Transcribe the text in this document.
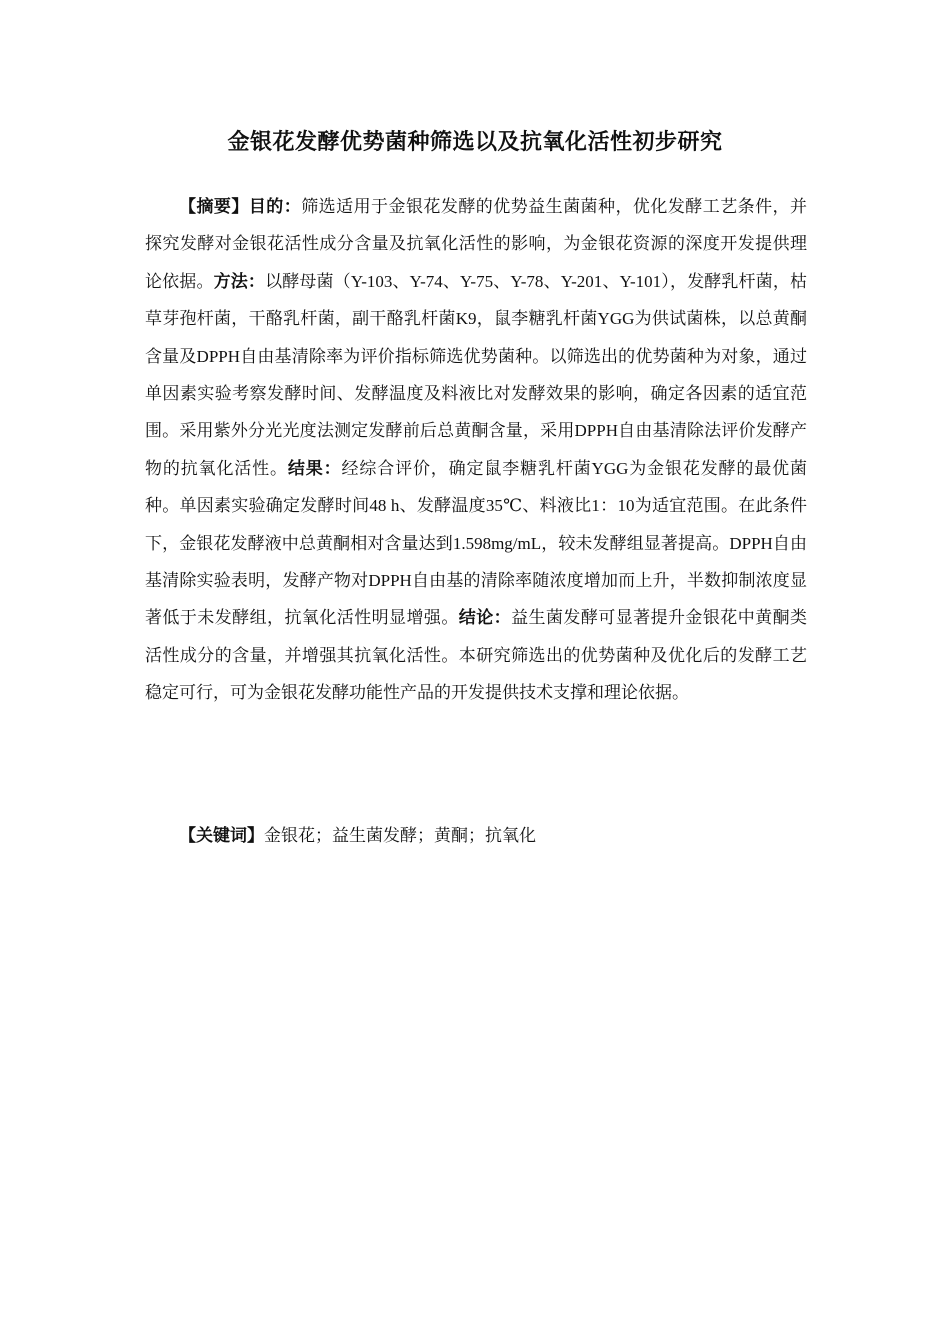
金银花发酵优势菌种筛选以及抗氧化活性初步研究

【摘要】目的：筛选适用于金银花发酵的优势益生菌菌种，优化发酵工艺条件，并探究发酵对金银花活性成分含量及抗氧化活性的影响，为金银花资源的深度开发提供理论依据。方法：以酵母菌（Y-103、Y-74、Y-75、Y-78、Y-201、Y-101），发酵乳杆菌，枯草芽孢杆菌，干酪乳杆菌，副干酪乳杆菌K9，鼠李糖乳杆菌YGG为供试菌株，以总黄酮含量及DPPH自由基清除率为评价指标筛选优势菌种。以筛选出的优势菌种为对象，通过单因素实验考察发酵时间、发酵温度及料液比对发酵效果的影响，确定各因素的适宜范围。采用紫外分光光度法测定发酵前后总黄酮含量，采用DPPH自由基清除法评价发酵产物的抗氧化活性。结果：经综合评价，确定鼠李糖乳杆菌YGG为金银花发酵的最优菌种。单因素实验确定发酵时间48 h、发酵温度35℃、料液比1：10为适宜范围。在此条件下，金银花发酵液中总黄酮相对含量达到1.598mg/mL，较未发酵组显著提高。DPPH自由基清除实验表明，发酵产物对DPPH自由基的清除率随浓度增加而上升，半数抑制浓度显著低于未发酵组，抗氧化活性明显增强。结论：益生菌发酵可显著提升金银花中黄酮类活性成分的含量，并增强其抗氧化活性。本研究筛选出的优势菌种及优化后的发酵工艺稳定可行，可为金银花发酵功能性产品的开发提供技术支撑和理论依据。

【关键词】金银花；益生菌发酵；黄酮；抗氧化
